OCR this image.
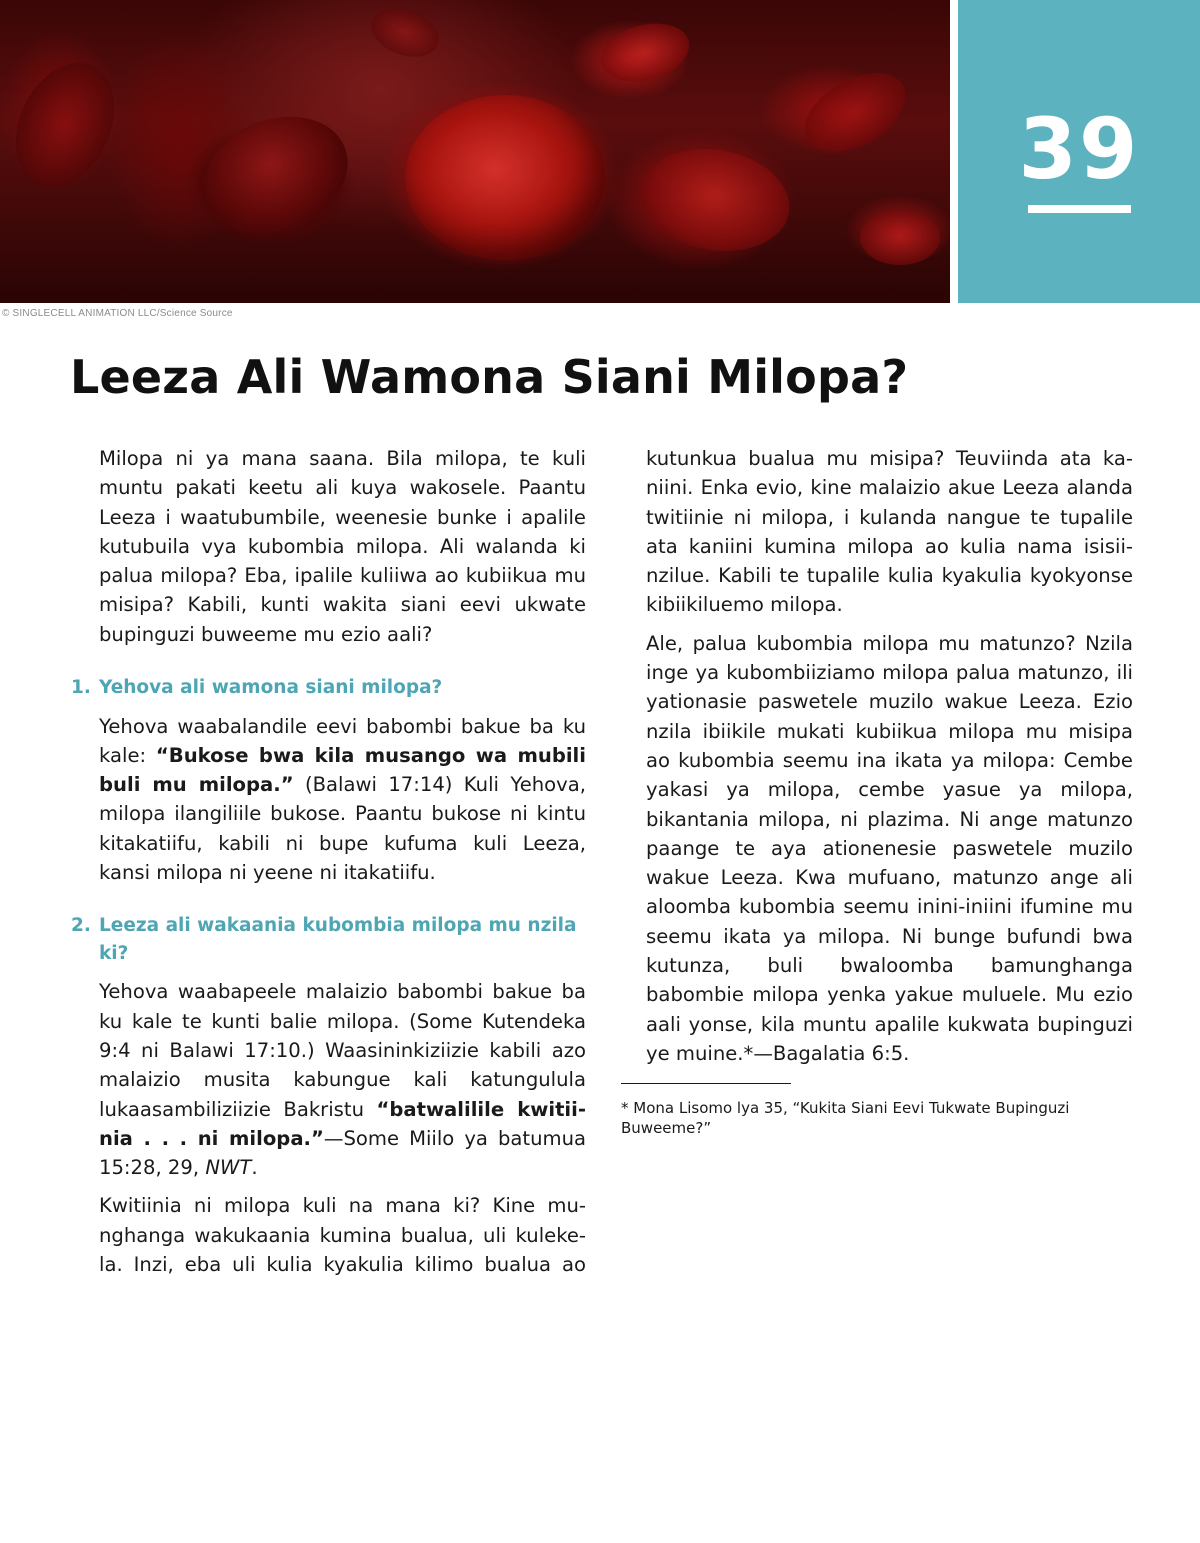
© SINGLECELL ANIMATION LLC/Science Source
39
Leeza Ali Wamona Siani Milopa?

Milopa ni ya mana saana. Bila milopa, te kuli muntu pakati keetu ali kuya wakosele. Paantu Leeza i waatubumbile, weenesie bunke i apalile kutubuila vya kubombia milopa. Ali walanda ki palua milopa? Eba, ipalile kuliiwa ao kubiikua mu misipa? Kabili, kunti wakita siani eevi ukwate bupinguzi buweeme mu ezio aali?

1. Yehova ali wamona siani milopa?

Yehova waabalandile eevi babombi bakue ba ku kale: “Bukose bwa kila musango wa mubili buli mu milopa.” (Balawi 17:14) Kuli Yehova, milopa ilangiliile bukose. Paantu bukose ni kintu kitakatiifu, kabili ni bupe kufuma kuli Leeza, kansi milopa ni yeene ni itakatiifu.

2. Leeza ali wakaania kubombia milopa mu nzila ki?

Yehova waabapeele malaizio babombi bakue ba ku kale te kunti balie milopa. (Some Kutendeka 9:4 ni Balawi 17:10.) Waasininkiziizie kabili azo malaizio musita kabungue kali katungulula lukaasambiliziizie Bakristu “batwalilile kwitiinia . . . ni milopa.”—Some Miilo ya batumua 15:28, 29, NWT.

Kwitiinia ni milopa kuli na mana ki? Kine munghanga wakukaania kumina bualua, uli kulekela. Inzi, eba uli kulia kyakulia kilimo bualua ao

kutunkua bualua mu misipa? Teuviinda ata kaniini. Enka evio, kine malaizio akue Leeza alanda twitiinie ni milopa, i kulanda nangue te tupalile ata kaniini kumina milopa ao kulia nama isisiinzilue. Kabili te tupalile kulia kyakulia kyokyonse kibiikiluemo milopa.

Ale, palua kubombia milopa mu matunzo? Nzila inge ya kubombiiziamo milopa palua matunzo, ili yationasie paswetele muzilo wakue Leeza. Ezio nzila ibiikile mukati kubiikua milopa mu misipa ao kubombia seemu ina ikata ya milopa: Cembe yakasi ya milopa, cembe yasue ya milopa, bikantania milopa, ni plazima. Ni ange matunzo paange te aya ationenesie paswetele muzilo wakue Leeza. Kwa mufuano, matunzo ange ali aloomba kubombia seemu inini-iniini ifumine mu seemu ikata ya milopa. Ni bunge bufundi bwa kutunza, buli bwaloomba bamunghanga babombie milopa yenka yakue muluele. Mu ezio aali yonse, kila muntu apalile kukwata bupinguzi ye muine.*—Bagalatia 6:5.

* Mona Lisomo lya 35, “Kukita Siani Eevi Tukwate Bupinguzi Buweeme?”
